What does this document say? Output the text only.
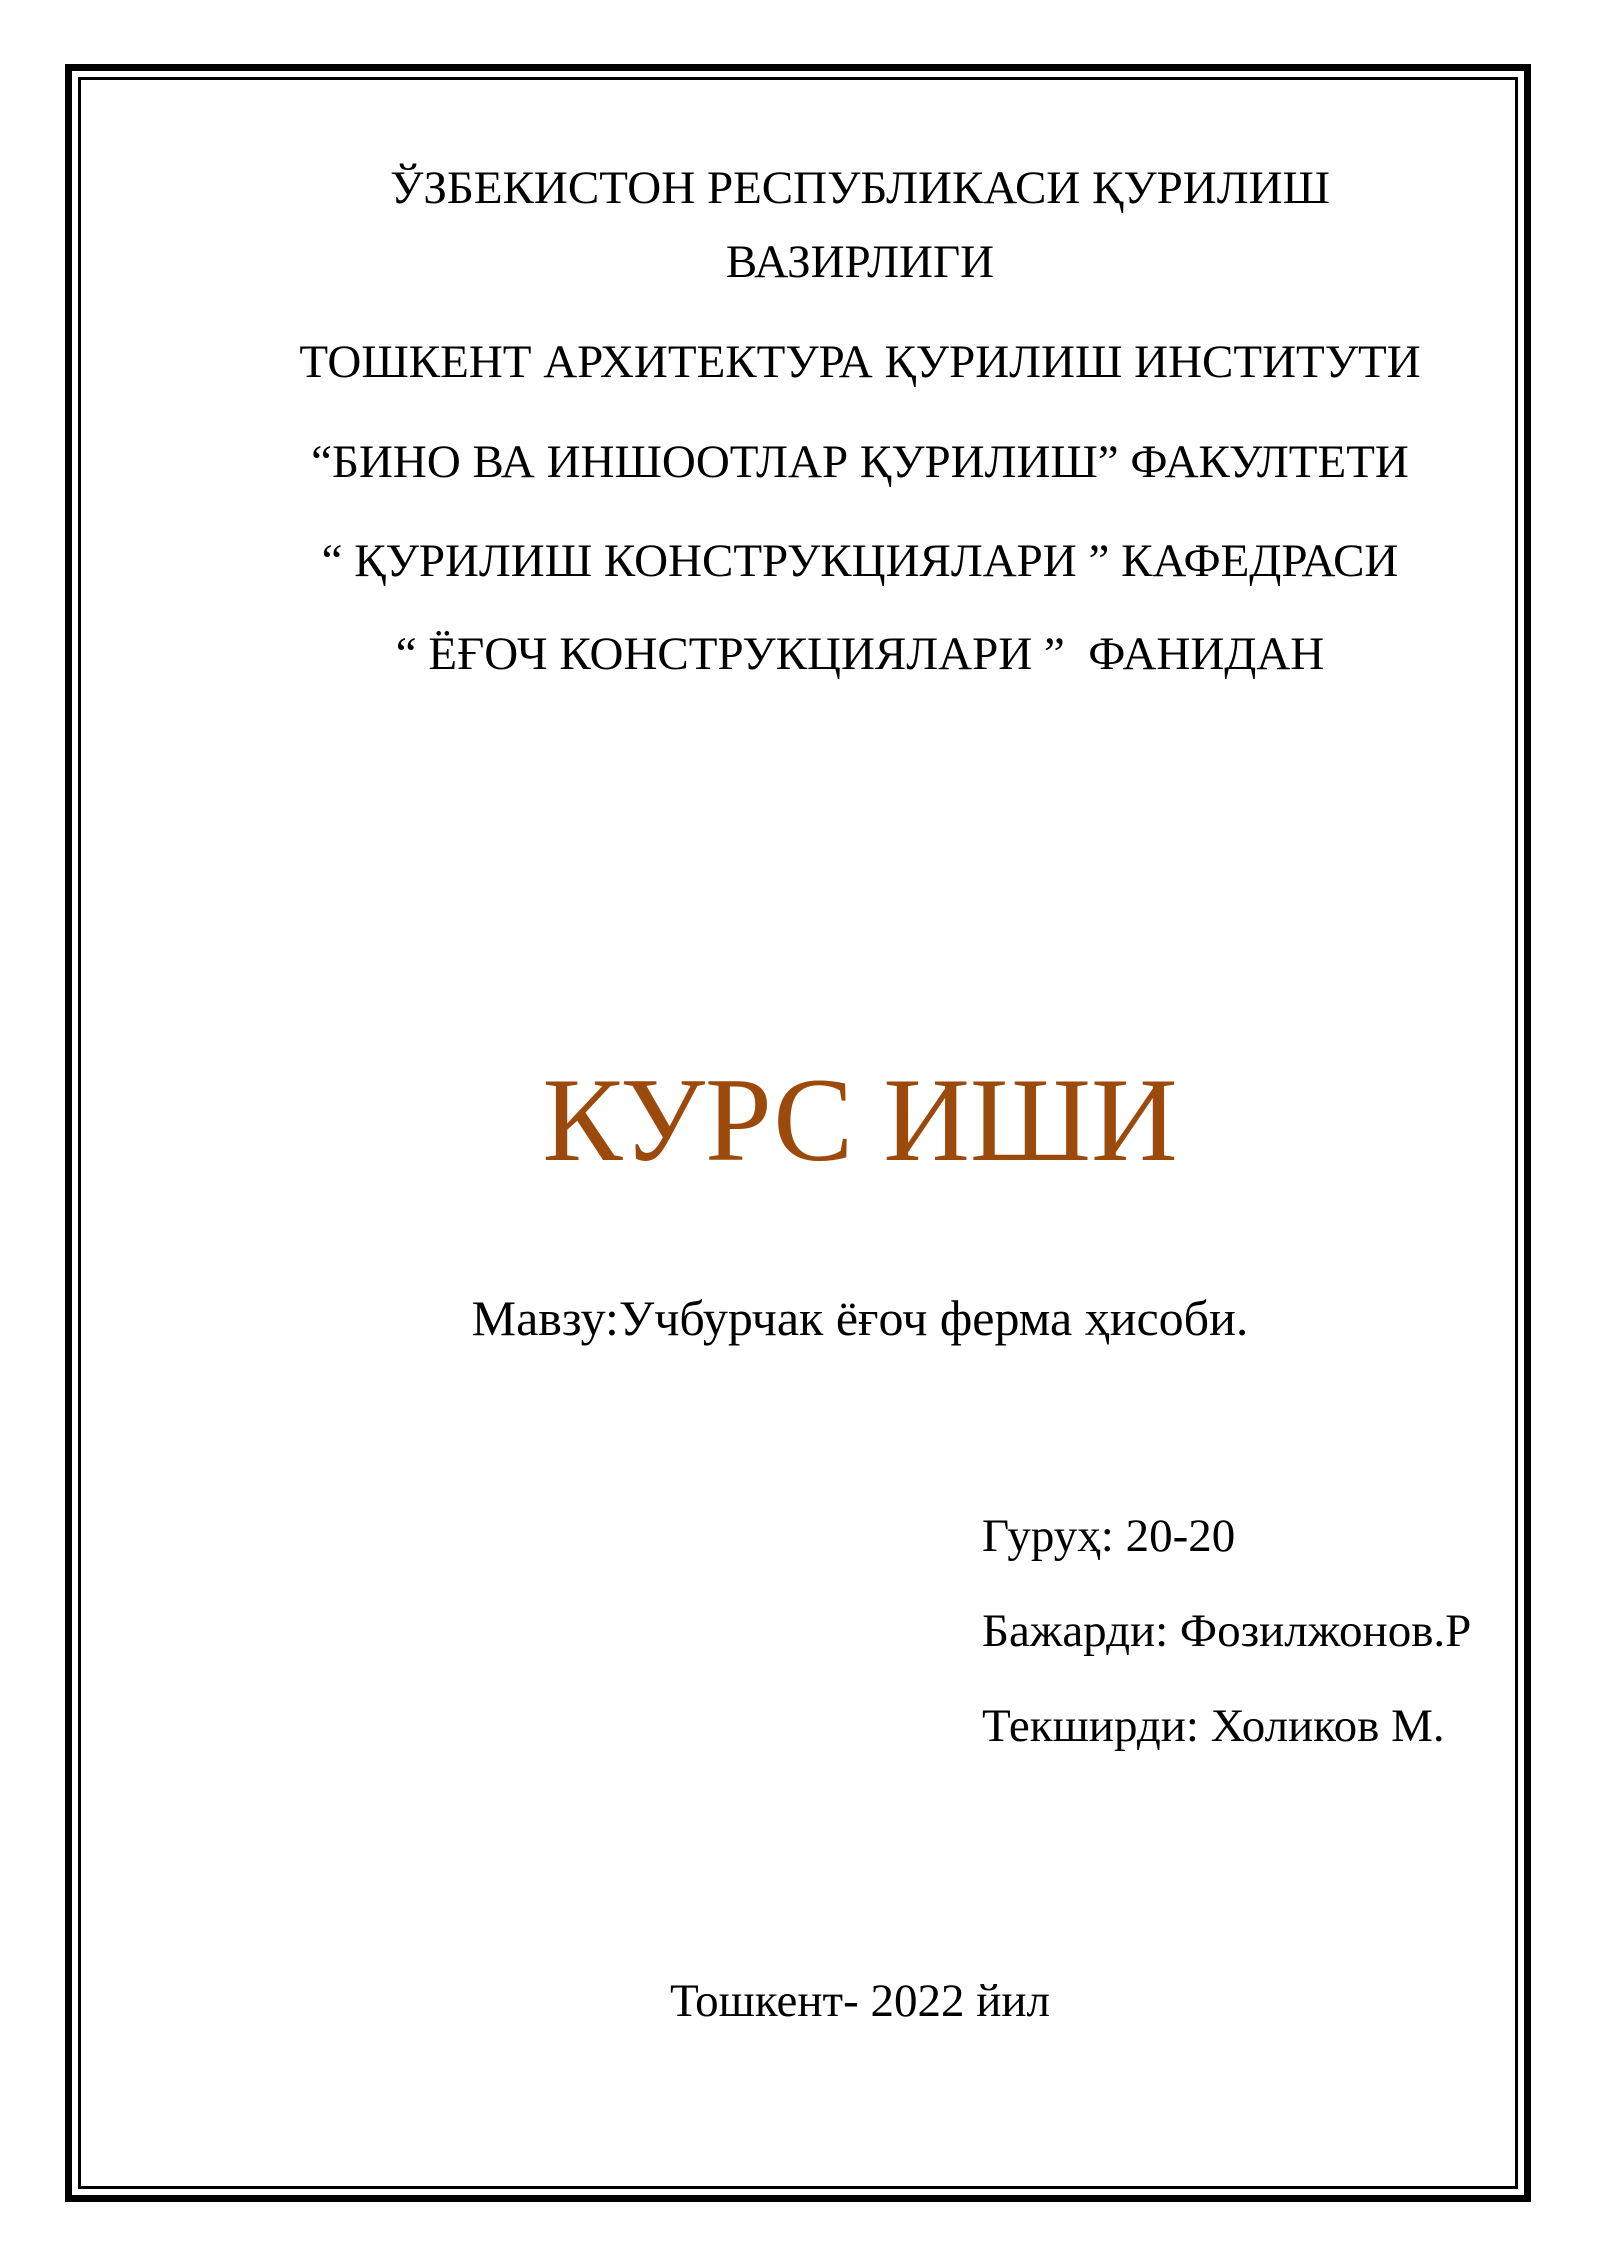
ЎЗБЕКИСТОН РЕСПУБЛИКАСИ ҚУРИЛИШ
ВАЗИРЛИГИ
ТОШКЕНТ АРХИТЕКТУРА ҚУРИЛИШ ИНСТИТУТИ
“БИНО ВА ИНШООТЛАР ҚУРИЛИШ” ФАКУЛТЕТИ
“ ҚУРИЛИШ КОНСТРУКЦИЯЛАРИ ” КАФЕДРАСИ
“ ЁҒОЧ КОНСТРУКЦИЯЛАРИ ”  ФАНИДАН
КУРС ИШИ
Мавзу:Учбурчак ёғоч ферма ҳисоби.
Гуруҳ: 20-20
Бажарди: Фозилжонов.Р
Текширди: Холиков М.
Тошкент- 2022 йил
